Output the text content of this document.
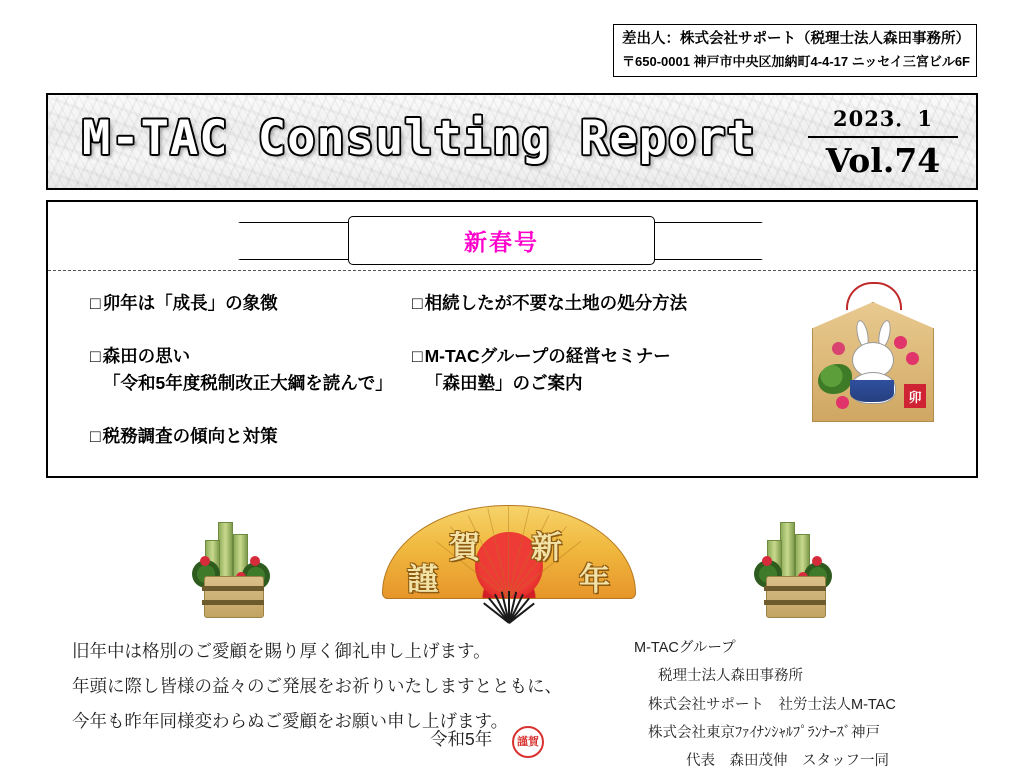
差出人：株式会社サポート（税理士法人森田事務所）
〒650-0001 神戸市中央区加納町4-4-17 ニッセイ三宮ビル6F
M-TAC Consulting Report	2023．1
Vol.74
新春号
□ 卯年は「成長」の象徴
□ 森田の思い
「令和5年度税制改正大綱を読んで」
□ 税務調査の傾向と対策
□ 相続したが不要な土地の処分方法
□ M-TACグループの経営セミナー
「森田塾」のご案内
卯
謹
賀 新
年
旧年中は格別のご愛顧を賜り厚く御礼申し上げます。
年頭に際し皆様の益々のご発展をお祈りいたしますとともに、
今年も昨年同様変わらぬご愛顧をお願い申し上げます。
令和5年	謹賀
M-TACグループ
税理士法人森田事務所
株式会社サポート　社労士法人M-TAC
株式会社東京ﾌｧｲﾅﾝｼｬﾙﾌﾟﾗﾝﾅｰｽﾞ神戸
代表　森田茂伸　スタッフ一同
